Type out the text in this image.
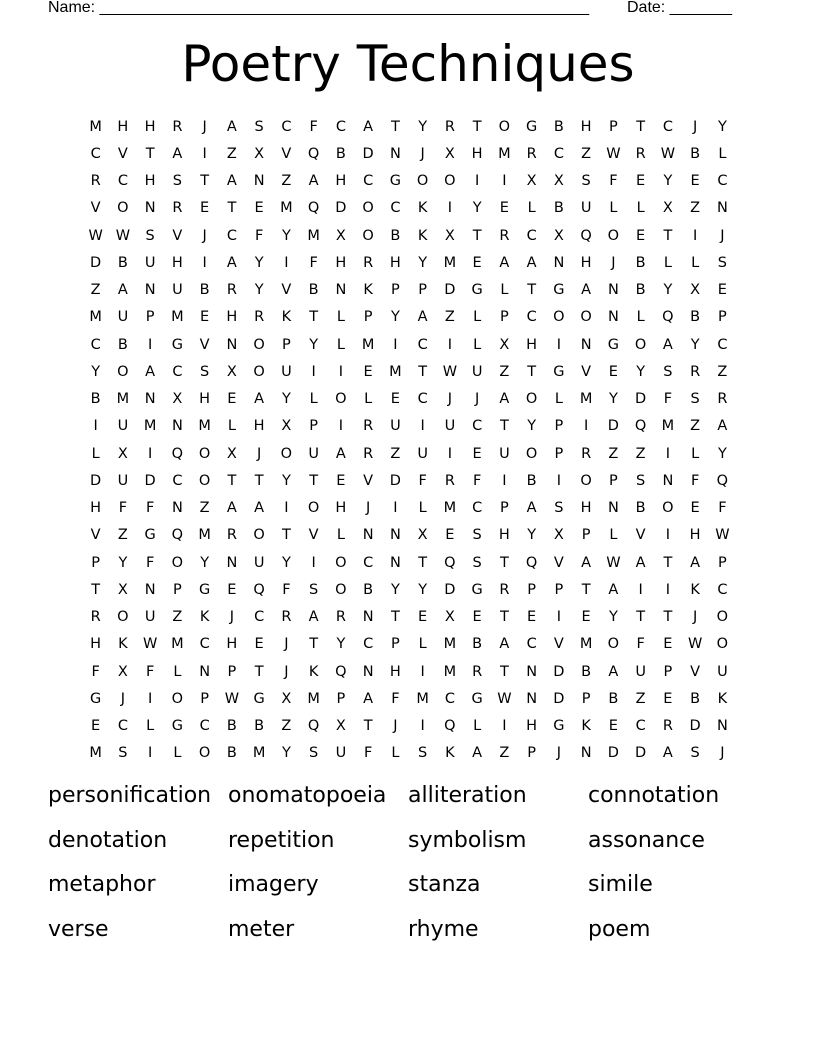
Name: _______________________________________________________ Date: _______
Poetry Techniques
M	H	H	R	J	A	S	C	F	C	A	T	Y	R	T	O	G	B	H	P	T	C	J	Y
C	V	T	A	I	Z	X	V	Q	B	D	N	J	X	H	M	R	C	Z	W	R	W	B	L
R	C	H	S	T	A	N	Z	A	H	C	G	O	O	I	I	X	X	S	F	E	Y	E	C
V	O	N	R	E	T	E	M	Q	D	O	C	K	I	Y	E	L	B	U	L	L	X	Z	N
W W	S	V	J	C	F	Y	M	X	O	B	K	X	T	R	C	X	Q	O	E	T	I	J
D	B	U	H	I	A	Y	I	F	H	R	H	Y	M	E	A	A	N	H	J	B	L	L	S
Z	A	N	U	B	R	Y	V	B	N	K	P	P	D	G	L	T	G	A	N	B	Y	X	E
M	U	P	M	E	H	R	K	T	L	P	Y	A	Z	L	P	C	O	O	N	L	Q	B	P
C	B	I	G	V	N	O	P	Y	L	M	I	C	I	L	X	H	I	N	G	O	A	Y	C
Y	O	A	C	S	X	O	U	I	I	E	M	T	W	U	Z	T	G	V	E	Y	S	R	Z
B	M	N	X	H	E	A	Y	L	O	L	E	C	J	J	A	O	L	M	Y	D	F	S	R
I	U	M	N	M	L	H	X	P	I	R	U	I	U	C	T	Y	P	I	D	Q	M	Z	A
L	X	I	Q	O	X	J	O	U	A	R	Z	U	I	E	U	O	P	R	Z	Z	I	L	Y
D	U	D	C	O	T	T	Y	T	E	V	D	F	R	F	I	B	I	O	P	S	N	F	Q
H	F	F	N	Z	A	A	I	O	H	J	I	L	M	C	P	A	S	H	N	B	O	E	F
V	Z	G	Q	M	R	O	T	V	L	N	N	X	E	S	H	Y	X	P	L	V	I	H	W
P	Y	F	O	Y	N	U	Y	I	O	C	N	T	Q	S	T	Q	V	A	W	A	T	A	P
T	X	N	P	G	E	Q	F	S	O	B	Y	Y	D	G	R	P	P	T	A	I	I	K	C
R	O	U	Z	K	J	C	R	A	R	N	T	E	X	E	T	E	I	E	Y	T	T	J	O
H	K	W M	C	H	E	J	T	Y	C	P	L	M	B	A	C	V	M	O	F	E	W O
F	X	F	L	N	P	T	J	K	Q	N	H	I	M	R	T	N	D	B	A	U	P	V	U
G	J	I	O	P	W G	X	M	P	A	F	M	C	G W	N	D	P	B	Z	E	B	K
E	C	L	G	C	B	B	Z	Q	X	T	J	I	Q	L	I	H	G	K	E	C	R	D	N
M	S	I	L	O	B	M	Y	S	U	F	L	S	K	A	Z	P	J	N	D	D	A	S	J
personification onomatopoeia alliteration	connotation
denotation	repetition	symbolism	assonance
metaphor	imagery	stanza	simile
verse	meter	rhyme	poem
